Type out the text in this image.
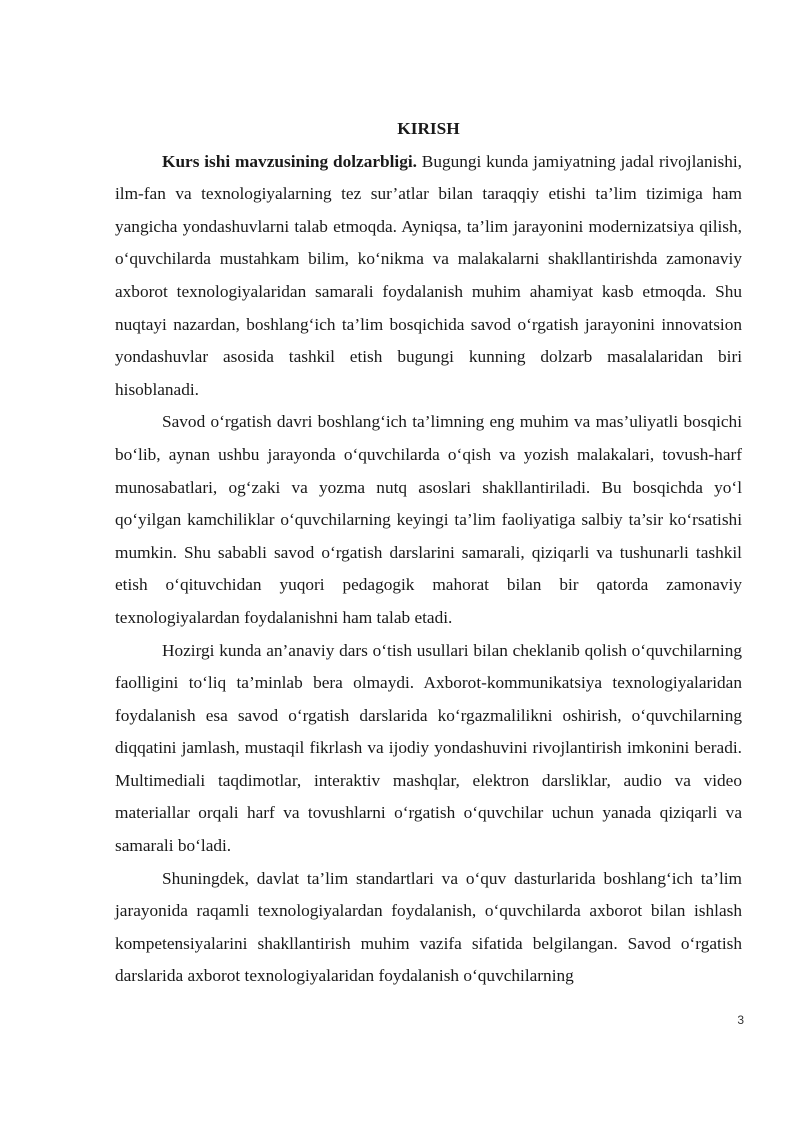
KIRISH

Kurs ishi mavzusining dolzarbligi. Bugungi kunda jamiyatning jadal rivojlanishi, ilm-fan va texnologiyalarning tez sur’atlar bilan taraqqiy etishi ta’lim tizimiga ham yangicha yondashuvlarni talab etmoqda. Ayniqsa, ta’lim jarayonini modernizatsiya qilish, o‘quvchilarda mustahkam bilim, ko‘nikma va malakalarni shakllantirishda zamonaviy axborot texnologiyalaridan samarali foydalanish muhim ahamiyat kasb etmoqda. Shu nuqtayi nazardan, boshlang‘ich ta’lim bosqichida savod o‘rgatish jarayonini innovatsion yondashuvlar asosida tashkil etish bugungi kunning dolzarb masalalaridan biri hisoblanadi.

Savod o‘rgatish davri boshlang‘ich ta’limning eng muhim va mas’uliyatli bosqichi bo‘lib, aynan ushbu jarayonda o‘quvchilarda o‘qish va yozish malakalari, tovush-harf munosabatlari, og‘zaki va yozma nutq asoslari shakllantiriladi. Bu bosqichda yo‘l qo‘yilgan kamchiliklar o‘quvchilarning keyingi ta’lim faoliyatiga salbiy ta’sir ko‘rsatishi mumkin. Shu sababli savod o‘rgatish darslarini samarali, qiziqarli va tushunarli tashkil etish o‘qituvchidan yuqori pedagogik mahorat bilan bir qatorda zamonaviy texnologiyalardan foydalanishni ham talab etadi.

Hozirgi kunda an’anaviy dars o‘tish usullari bilan cheklanib qolish o‘quvchilarning faolligini to‘liq ta’minlab bera olmaydi. Axborot-kommunikatsiya texnologiyalaridan foydalanish esa savod o‘rgatish darslarida ko‘rgazmalilikni oshirish, o‘quvchilarning diqqatini jamlash, mustaqil fikrlash va ijodiy yondashuvini rivojlantirish imkonini beradi. Multimediali taqdimotlar, interaktiv mashqlar, elektron darsliklar, audio va video materiallar orqali harf va tovushlarni o‘rgatish o‘quvchilar uchun yanada qiziqarli va samarali bo‘ladi.

Shuningdek, davlat ta’lim standartlari va o‘quv dasturlarida boshlang‘ich ta’lim jarayonida raqamli texnologiyalardan foydalanish, o‘quvchilarda axborot bilan ishlash kompetensiyalarini shakllantirish muhim vazifa sifatida belgilangan. Savod o‘rgatish darslarida axborot texnologiyalaridan foydalanish o‘quvchilarning

3
